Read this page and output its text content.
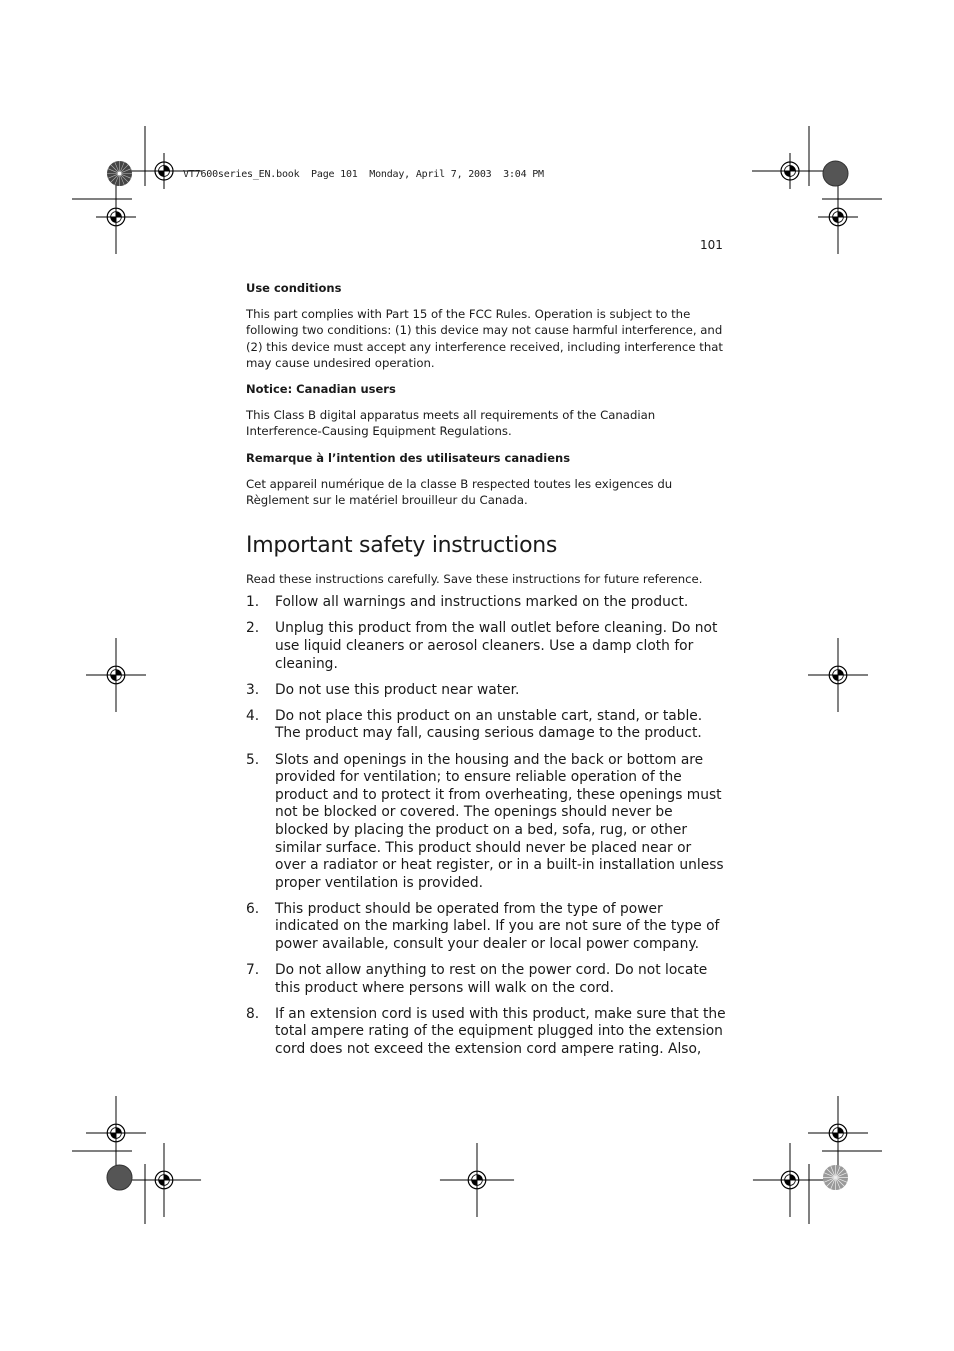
VT7600series_EN.book  Page 101  Monday, April 7, 2003  3:04 PM
101
Use conditions

This part complies with Part 15 of the FCC Rules. Operation is subject to the following two conditions: (1) this device may not cause harmful interference, and (2) this device must accept any interference received, including interference that may cause undesired operation.

Notice: Canadian users

This Class B digital apparatus meets all requirements of the Canadian Interference-Causing Equipment Regulations.

Remarque à l’intention des utilisateurs canadiens

Cet appareil numérique de la classe B respected toutes les exigences du Règlement sur le matériel brouilleur du Canada.

Important safety instructions

Read these instructions carefully. Save these instructions for future reference.

1.	Follow all warnings and instructions marked on the product.
2.	Unplug this product from the wall outlet before cleaning. Do not use liquid cleaners or aerosol cleaners. Use a damp cloth for cleaning.
3.	Do not use this product near water.
4.	Do not place this product on an unstable cart, stand, or table. The product may fall, causing serious damage to the product.
5.	Slots and openings in the housing and the back or bottom are provided for ventilation; to ensure reliable operation of the product and to protect it from overheating, these openings must not be blocked or covered. The openings should never be blocked by placing the product on a bed, sofa, rug, or other similar surface. This product should never be placed near or over a radiator or heat register, or in a built-in installation unless proper ventilation is provided.
6.	This product should be operated from the type of power indicated on the marking label. If you are not sure of the type of power available, consult your dealer or local power company.
7.	Do not allow anything to rest on the power cord. Do not locate this product where persons will walk on the cord.
8.	If an extension cord is used with this product, make sure that the total ampere rating of the equipment plugged into the extension cord does not exceed the extension cord ampere rating. Also,
